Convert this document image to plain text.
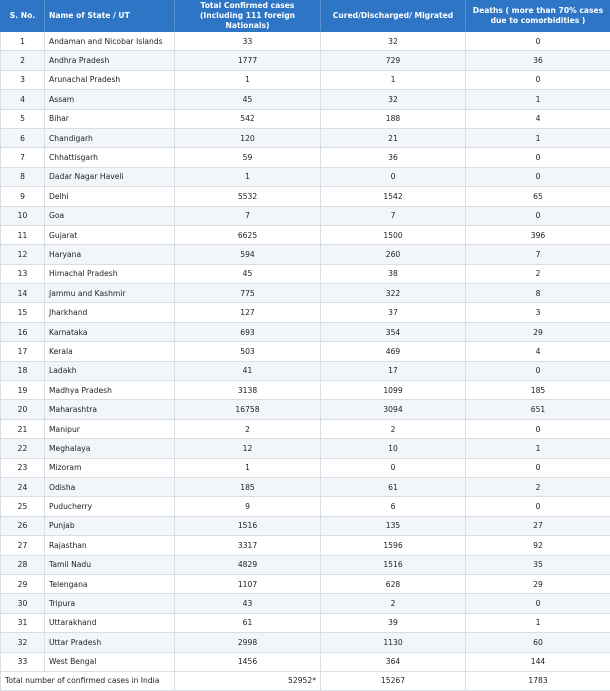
S. No.	Name of State / UT	Total Confirmed cases (Including 111 foreign Nationals)	Cured/Discharged/ Migrated	Deaths ( more than 70% cases due to comorbidities )
1	Andaman and Nicobar Islands	33	32	0
2	Andhra Pradesh	1777	729	36
3	Arunachal Pradesh	1	1	0
4	Assam	45	32	1
5	Bihar	542	188	4
6	Chandigarh	120	21	1
7	Chhattisgarh	59	36	0
8	Dadar Nagar Haveli	1	0	0
9	Delhi	5532	1542	65
10	Goa	7	7	0
11	Gujarat	6625	1500	396
12	Haryana	594	260	7
13	Himachal Pradesh	45	38	2
14	Jammu and Kashmir	775	322	8
15	Jharkhand	127	37	3
16	Karnataka	693	354	29
17	Kerala	503	469	4
18	Ladakh	41	17	0
19	Madhya Pradesh	3138	1099	185
20	Maharashtra	16758	3094	651
21	Manipur	2	2	0
22	Meghalaya	12	10	1
23	Mizoram	1	0	0
24	Odisha	185	61	2
25	Puducherry	9	6	0
26	Punjab	1516	135	27
27	Rajasthan	3317	1596	92
28	Tamil Nadu	4829	1516	35
29	Telengana	1107	628	29
30	Tripura	43	2	0
31	Uttarakhand	61	39	1
32	Uttar Pradesh	2998	1130	60
33	West Bengal	1456	364	144
Total number of confirmed cases in India		52952*	15267	1783
